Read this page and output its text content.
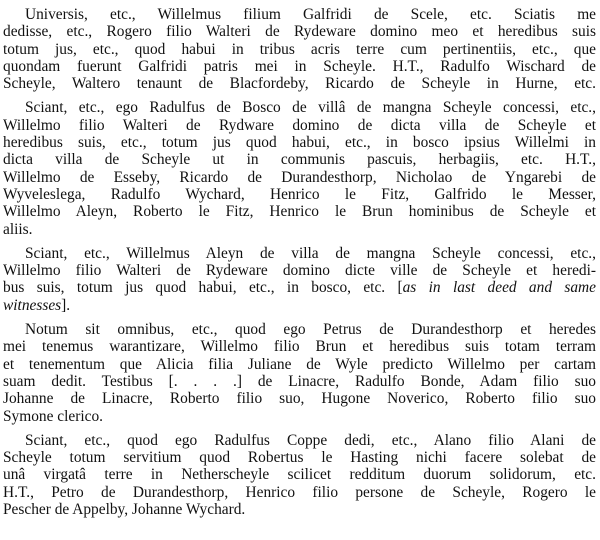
Universis, etc., Willelmus filium Galfridi de Scele, etc. Sciatis me
dedisse, etc., Rogero filio Walteri de Rydeware domino meo et heredibus suis
totum jus, etc., quod habui in tribus acris terre cum pertinentiis, etc., que
quondam fuerunt Galfridi patris mei in Scheyle. H.T., Radulfo Wischard de
Scheyle, Waltero tenaunt de Blacfordeby, Ricardo de Scheyle in Hurne, etc.
Sciant, etc., ego Radulfus de Bosco de villâ de mangna Scheyle concessi, etc.,
Willelmo filio Walteri de Rydware domino de dicta villa de Scheyle et
heredibus suis, etc., totum jus quod habui, etc., in bosco ipsius Willelmi in
dicta villa de Scheyle ut in communis pascuis, herbagiis, etc. H.T.,
Willelmo de Esseby, Ricardo de Durandesthorp, Nicholao de Yngarebi de
Wyveleslega, Radulfo Wychard, Henrico le Fitz, Galfrido le Messer,
Willelmo Aleyn, Roberto le Fitz, Henrico le Brun hominibus de Scheyle et
aliis.
Sciant, etc., Willelmus Aleyn de villa de mangna Scheyle concessi, etc.,
Willelmo filio Walteri de Rydeware domino dicte ville de Scheyle et heredi-
bus suis, totum jus quod habui, etc., in bosco, etc. [as in last deed and same
witnesses].
Notum sit omnibus, etc., quod ego Petrus de Durandesthorp et heredes
mei tenemus warantizare, Willelmo filio Brun et heredibus suis totam terram
et tenementum que Alicia filia Juliane de Wyle predicto Willelmo per cartam
suam dedit. Testibus [. . . .] de Linacre, Radulfo Bonde, Adam filio suo
Johanne de Linacre, Roberto filio suo, Hugone Noverico, Roberto filio suo
Symone clerico.
Sciant, etc., quod ego Radulfus Coppe dedi, etc., Alano filio Alani de
Scheyle totum servitium quod Robertus le Hasting nichi facere solebat de
unâ virgatâ terre in Netherscheyle scilicet redditum duorum solidorum, etc.
H.T., Petro de Durandesthorp, Henrico filio persone de Scheyle, Rogero le
Pescher de Appelby, Johanne Wychard.
